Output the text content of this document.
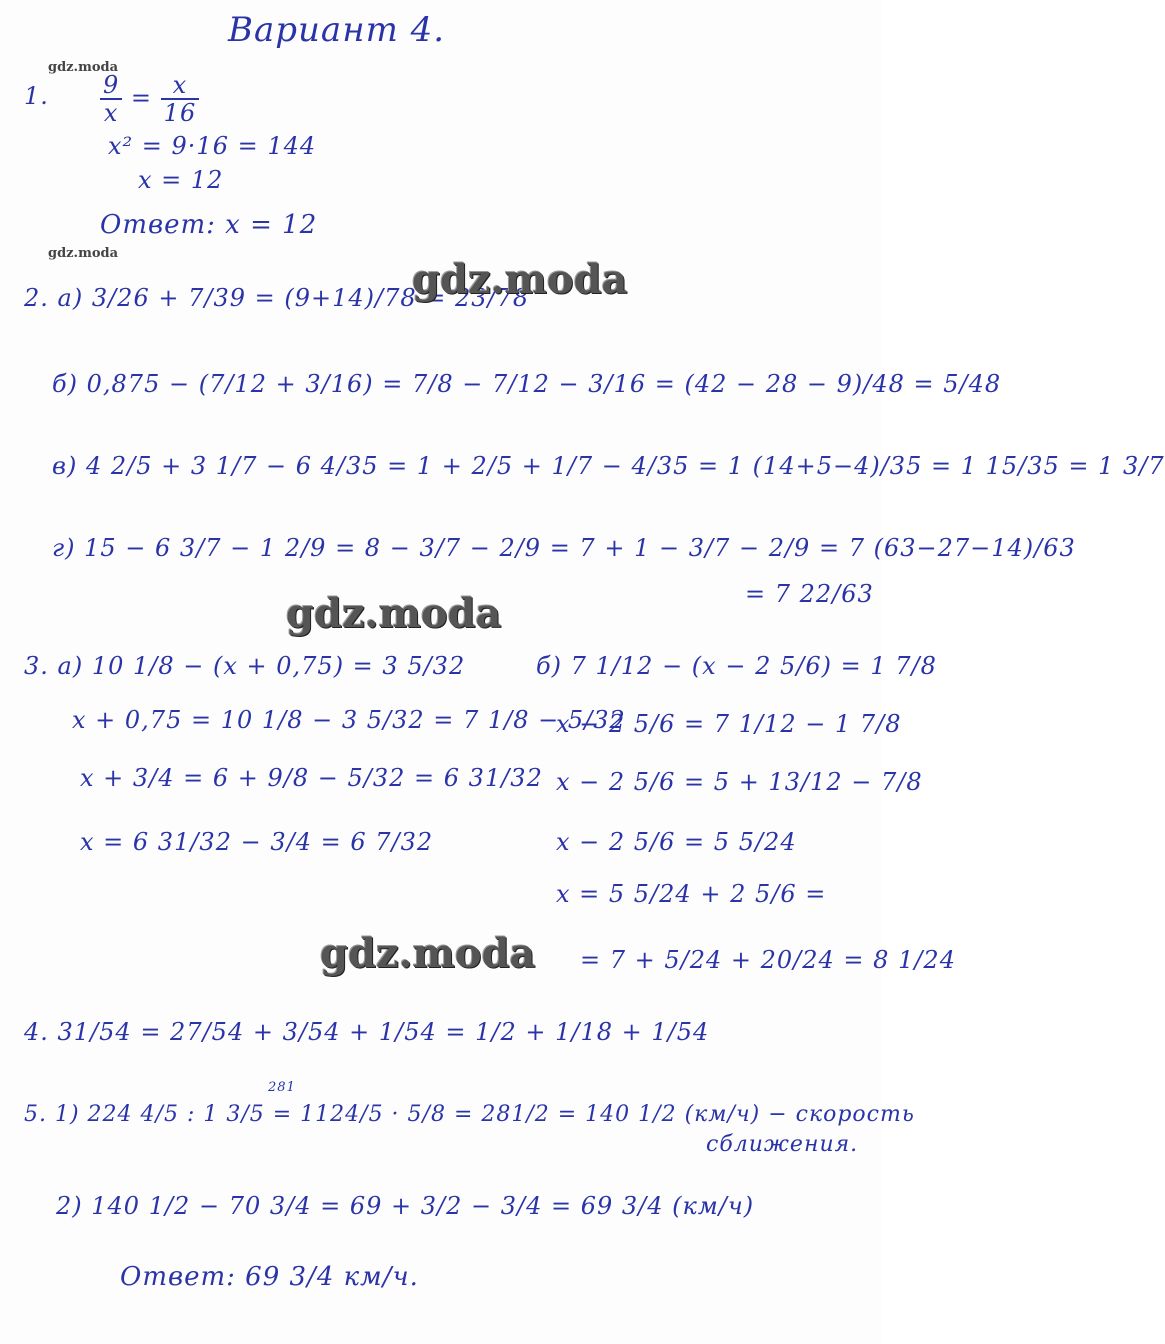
Вариант 4.
gdz.moda
gdz.moda
1. $\frac{9}{x} = \frac{x}{16}$
x² = 9·16 = 144
x = 12
Ответ: x = 12
2. а) 3/26 + 7/39 = (9+14)/78 = 23/78
gdz.moda
б) 0,875 − (7/12 + 3/16) = 7/8 − 7/12 − 3/16 = (42 − 28 − 9)/48 = 5/48
в) 4 2/5 + 3 1/7 − 6 4/35 = 1 + 2/5 + 1/7 − 4/35 = 1 (14+5−4)/35 = 1 15/35 = 1 3/7
г) 15 − 6 3/7 − 1 2/9 = 8 − 3/7 − 2/9 = 7 + 1 − 3/7 − 2/9 = 7 (63−27−14)/63
= 7 22/63
gdz.moda
3. а) 10 1/8 − (x + 0,75) = 3 5/32
x + 0,75 = 10 1/8 − 3 5/32 = 7 1/8 − 5/32
x + 3/4 = 6 + 9/8 − 5/32 = 6 31/32
x = 6 31/32 − 3/4 = 6 7/32
б) 7 1/12 − (x − 2 5/6) = 1 7/8
x − 2 5/6 = 7 1/12 − 1 7/8
x − 2 5/6 = 5 + 13/12 − 7/8
x − 2 5/6 = 5 5/24
x = 5 5/24 + 2 5/6 =
gdz.moda = 7 + 5/24 + 20/24 = 8 1/24
4. 31/54 = 27/54 + 3/54 + 1/54 = 1/2 + 1/18 + 1/54
281
5. 1) 224 4/5 : 1 3/5 = 1124/5 · 5/8 = 281/2 = 140 1/2 (км/ч) − скорость
сближения.
2) 140 1/2 − 70 3/4 = 69 + 3/2 − 3/4 = 69 3/4 (км/ч)
Ответ: 69 3/4 км/ч.
